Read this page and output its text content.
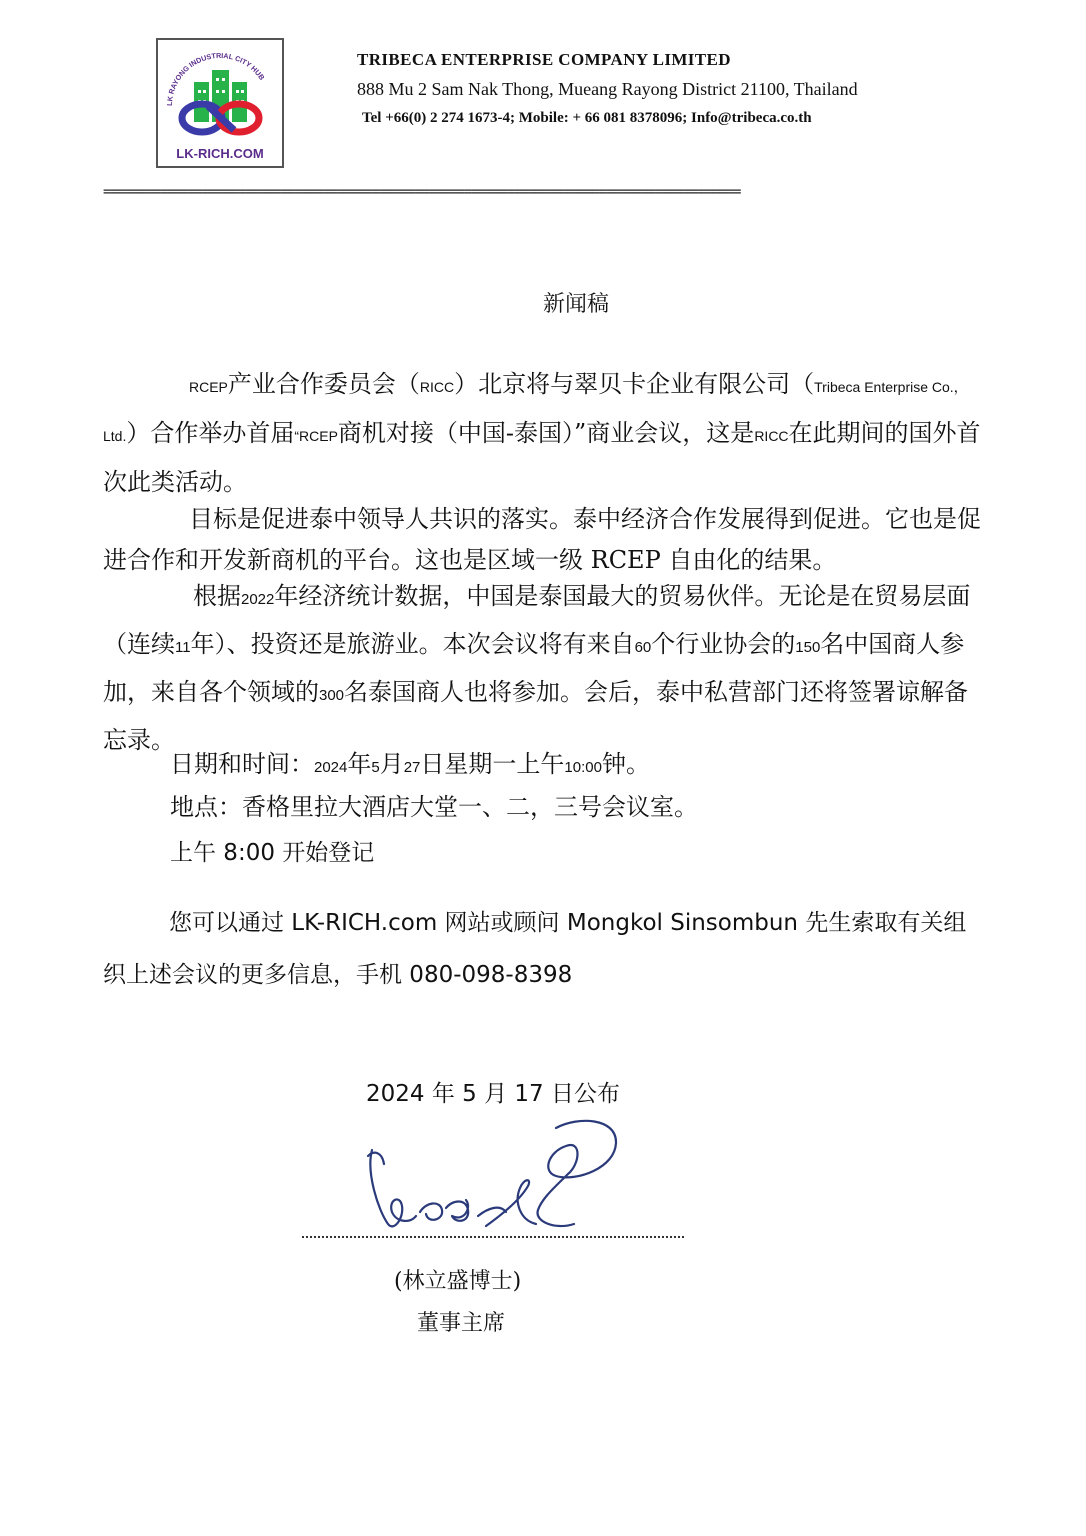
LK RAYONG INDUSTRIAL CITY HUB
LK-RICH.COM
TRIBECA ENTERPRISE COMPANY LIMITED
888 Mu 2 Sam Nak Thong, Mueang Rayong District 21100, Thailand
Tel +66(0) 2 274 1673-4; Mobile: + 66 081 8378096; Info@tribeca.co.th
==========================================================================================
新闻稿
RCEP产业合作委员会（RICC）北京将与翠贝卡企业有限公司（Tribeca Enterprise Co.，Ltd.）合作举办首届“RCEP商机对接（中国-泰国）”商业会议，这是RICC在此期间的国外首次此类活动。
目标是促进泰中领导人共识的落实。泰中经济合作发展得到促进。它也是促进合作和开发新商机的平台。这也是区域一级 RCEP 自由化的结果。
根据2022年经济统计数据，中国是泰国最大的贸易伙伴。无论是在贸易层面（连续11年）、投资还是旅游业。本次会议将有来自60个行业协会的150名中国商人参加，来自各个领域的300名泰国商人也将参加。会后，泰中私营部门还将签署谅解备忘录。
日期和时间：2024年5月27日星期一上午10:00钟。
地点：香格里拉大酒店大堂一、二，三号会议室。
上午 8:00 开始登记
您可以通过 LK-RICH.com 网站或顾问 Mongkol Sinsombun 先生索取有关组织上述会议的更多信息，手机 080-098-8398
2024 年 5 月 17 日公布
(林立盛博士)
董事主席
